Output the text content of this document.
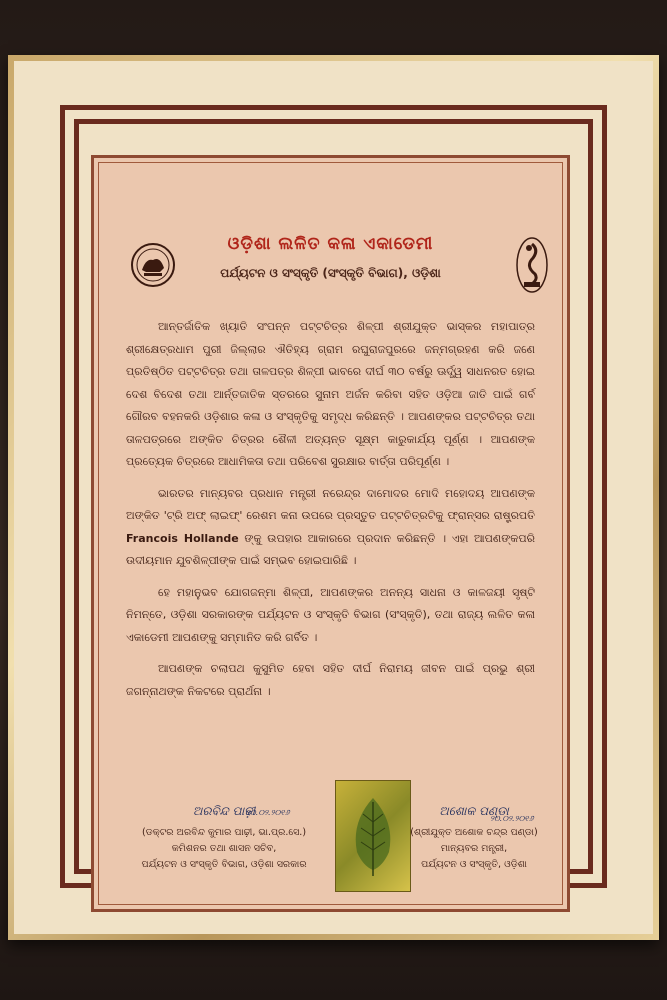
ଓଡ଼ିଶା ଲଳିତ କଳା ଏକାଡେମୀ
ପର୍ଯ୍ୟଟନ ଓ ସଂସ୍କୃତି (ସଂସ୍କୃତି ବିଭାଗ), ଓଡ଼ିଶା

ଆନ୍ତର୍ଜାତିକ ଖ୍ୟାତି ସଂପନ୍ନ ପଟ୍ଟଚିତ୍ର ଶିଳ୍ପୀ ଶ୍ରୀଯୁକ୍ତ ଭାସ୍କର ମହାପାତ୍ର ଶ୍ରୀକ୍ଷେତ୍ରଧାମ ପୁରୀ ଜିଲ୍ଲାର ଐତିହ୍ୟ ଗ୍ରାମ ରଘୁରାଜପୁରରେ ଜନ୍ମଗ୍ରହଣ କରି ଜଣେ ପ୍ରତିଷ୍ଠିତ ପଟ୍ଟଚିତ୍ର ତଥା ତାଳପତ୍ର ଶିଳ୍ପୀ ଭାବରେ ଦୀର୍ଘ ୩୦ ବର୍ଷରୁ ଊର୍ଦ୍ଧ୍ୱ ସାଧନରତ ହୋଇ ଦେଶ ବିଦେଶ ତଥା ଆର୍ନ୍ତଜାତିକ ସ୍ତରରେ ସୁନାମ ଅର୍ଜନ କରିବା ସହିତ ଓଡ଼ିଆ ଜାତି ପାଇଁ ଗର୍ବ ଗୌରବ ବହନକରି ଓଡ଼ିଶାର କଳା ଓ ସଂସ୍କୃତିକୁ ସମୃଦ୍ଧ କରିଛନ୍ତି । ଆପଣଙ୍କର ପଟ୍ଟଚିତ୍ର ତଥା ତାଳପତ୍ରରେ ଅଙ୍କିତ ଚିତ୍ରର ଶୈଳୀ ଅତ୍ୟନ୍ତ ସୂକ୍ଷ୍ମ କାରୁକାର୍ଯ୍ୟ ପୂର୍ଣ୍ଣ । ଆପଣଙ୍କ ପ୍ରତ୍ୟେକ ଚିତ୍ରରେ ଆଧାମିକତା ତଥା ପରିବେଶ ସୁରକ୍ଷାର ବାର୍ତ୍ତା ପରିପୂର୍ଣ୍ଣ ।

ଭାରତର ମାନ୍ୟବର ପ୍ରଧାନ ମନ୍ତ୍ରୀ ନରେନ୍ଦ୍ର ଦାମୋଦର ମୋଦି ମହୋଦୟ ଆପଣଙ୍କ ଅଙ୍କିତ 'ଟ୍ରି ଅଫ୍ ଲାଇଫ୍' ରେଶମ କନା ଉପରେ ପ୍ରସ୍ତୁତ ପଟ୍ଟଚିତ୍ରଟିକୁ ଫ୍ରାନ୍ସର ରାଷ୍ଟ୍ରପତି Francois Hollande ଙ୍କୁ ଉପହାର ଆକାରରେ ପ୍ରଦାନ କରିଛନ୍ତି । ଏହା ଆପଣଙ୍କପରି ଉଦୀୟମାନ ଯୁବଶିଳ୍ପୀଙ୍କ ପାଇଁ ସମ୍ଭବ ହୋଇପାରିଛି ।

ହେ ମହାନୁଭବ ଯୋଗଜନ୍ମା ଶିଳ୍ପୀ, ଆପଣଙ୍କର ଅନନ୍ୟ ସାଧନା ଓ କାଳଜୟୀ ସୃଷ୍ଟି ନିମନ୍ତେ, ଓଡ଼ିଶା ସରକାରଙ୍କ ପର୍ଯ୍ୟଟନ ଓ ସଂସ୍କୃତି ବିଭାଗ (ସଂସ୍କୃତି), ତଥା ରାଜ୍ୟ ଲଳିତ କଳା ଏକାଡେମୀ ଆପଣଙ୍କୁ ସମ୍ମାନିତ କରି ଗର୍ବିତ ।

ଆପଣଙ୍କ ଚଲାପଥ କୁସୁମିତ ହେବା ସହିତ ଦୀର୍ଘ ନିରାମୟ ଜୀବନ ପାଇଁ ପ୍ରଭୁ ଶ୍ରୀ ଜଗନ୍ନାଥଙ୍କ ନିକଟରେ ପ୍ରାର୍ଥନା ।

ଅରବିନ୍ଦ ପାଢ଼ୀ
୨୦.୦୨.୨୦୧୬
(ଡକ୍ଟର ଅରବିନ୍ଦ କୁମାର ପାଢ଼ୀ, ଭା.ପ୍ର.ସେ.)
କମିଶନର ତଥା ଶାସନ ସଚିବ,
ପର୍ଯ୍ୟଟନ ଓ ସଂସ୍କୃତି ବିଭାଗ, ଓଡ଼ିଶା ସରକାର
ଅଶୋକ ପଣ୍ଡା
୨୦.୦୨.୨୦୧୬
(ଶ୍ରୀଯୁକ୍ତ ଅଶୋକ ଚନ୍ଦ୍ର ପଣ୍ଡା)
ମାନ୍ୟବର ମନ୍ତ୍ରୀ,
ପର୍ଯ୍ୟଟନ ଓ ସଂସ୍କୃତି, ଓଡ଼ିଶା
